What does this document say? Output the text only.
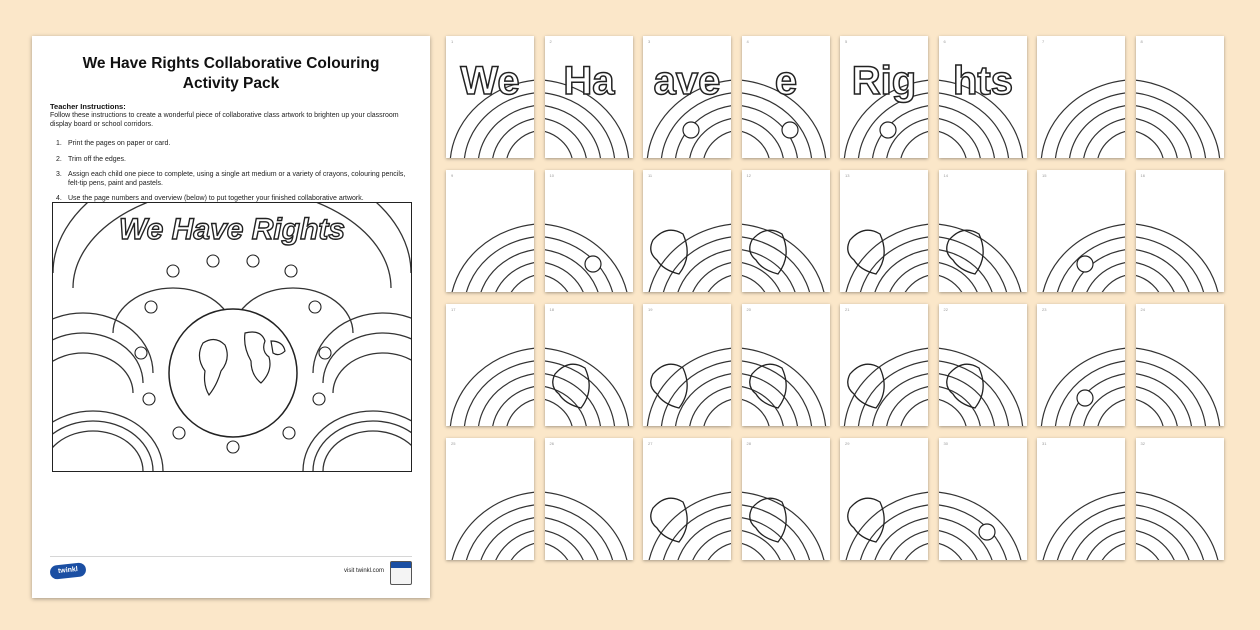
We Have Rights Collaborative Colouring
Activity Pack
Teacher Instructions:
Follow these instructions to create a wonderful piece of collaborative class artwork to brighten up your classroom display board or school corridors.
1. Print the pages on paper or card.
2. Trim off the edges.
3. Assign each child one piece to complete, using a single art medium or a variety of crayons, colouring pencils, felt-tip pens, paint and pastels.
4. Use the page numbers and overview (below) to put together your finished collaborative artwork.
We Have Rights
twinkl	visit twinkl.com
We
1
Ha
2
ave
3
e
4
Rig
5
hts
6	7	8
9	10	11	12	13	14	15	16
17	18	19	20	21	22	23	24
25	26	27	28	29	30	31	32
